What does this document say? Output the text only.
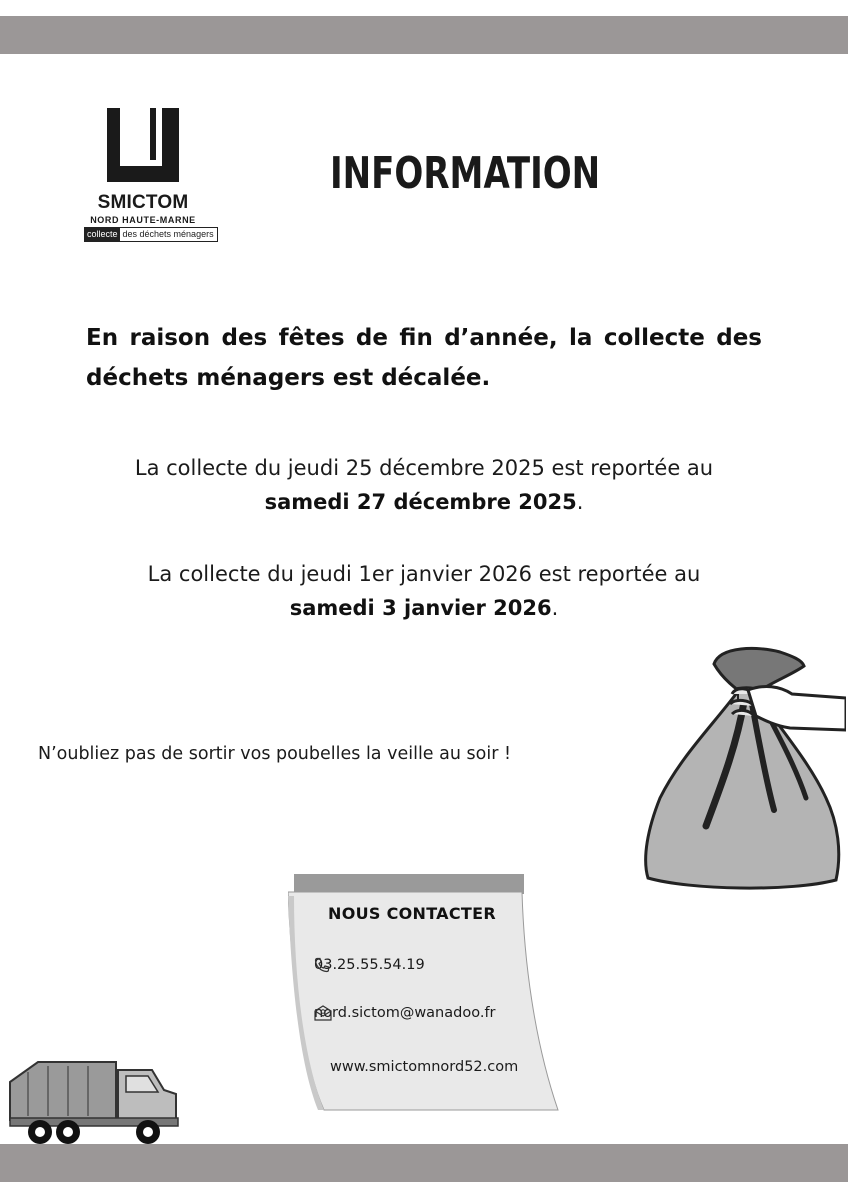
SMICTOM
NORD HAUTE-MARNE
collecte des déchets ménagers
INFORMATION
En raison des fêtes de fin d’année, la collecte des déchets ménagers est décalée.
La collecte du jeudi 25 décembre 2025 est reportée au
samedi 27 décembre 2025.
La collecte du jeudi 1er janvier 2026 est reportée au
samedi 3 janvier 2026.
N’oubliez pas de sortir vos poubelles la veille au soir !
NOUS CONTACTER
03.25.55.54.19
nord.sictom@wanadoo.fr
www.smictomnord52.com
